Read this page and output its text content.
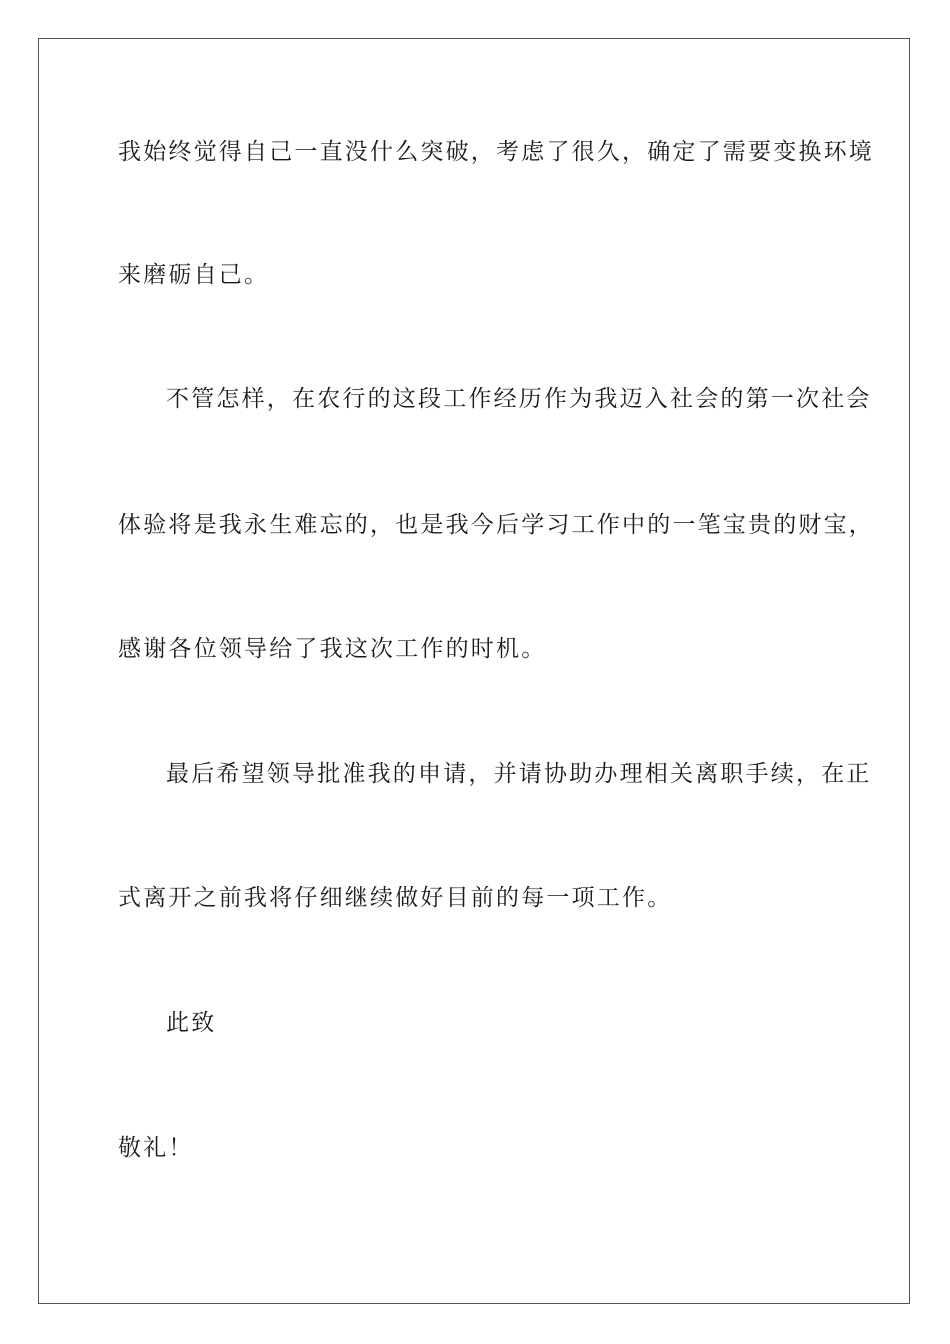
我始终觉得自己一直没什么突破，考虑了很久，确定了需要变换环境
来磨砺自己。
不管怎样，在农行的这段工作经历作为我迈入社会的第一次社会
体验将是我永生难忘的，也是我今后学习工作中的一笔宝贵的财宝，
感谢各位领导给了我这次工作的时机。
最后希望领导批准我的申请，并请协助办理相关离职手续，在正
式离开之前我将仔细继续做好目前的每一项工作。
此致
敬礼！
